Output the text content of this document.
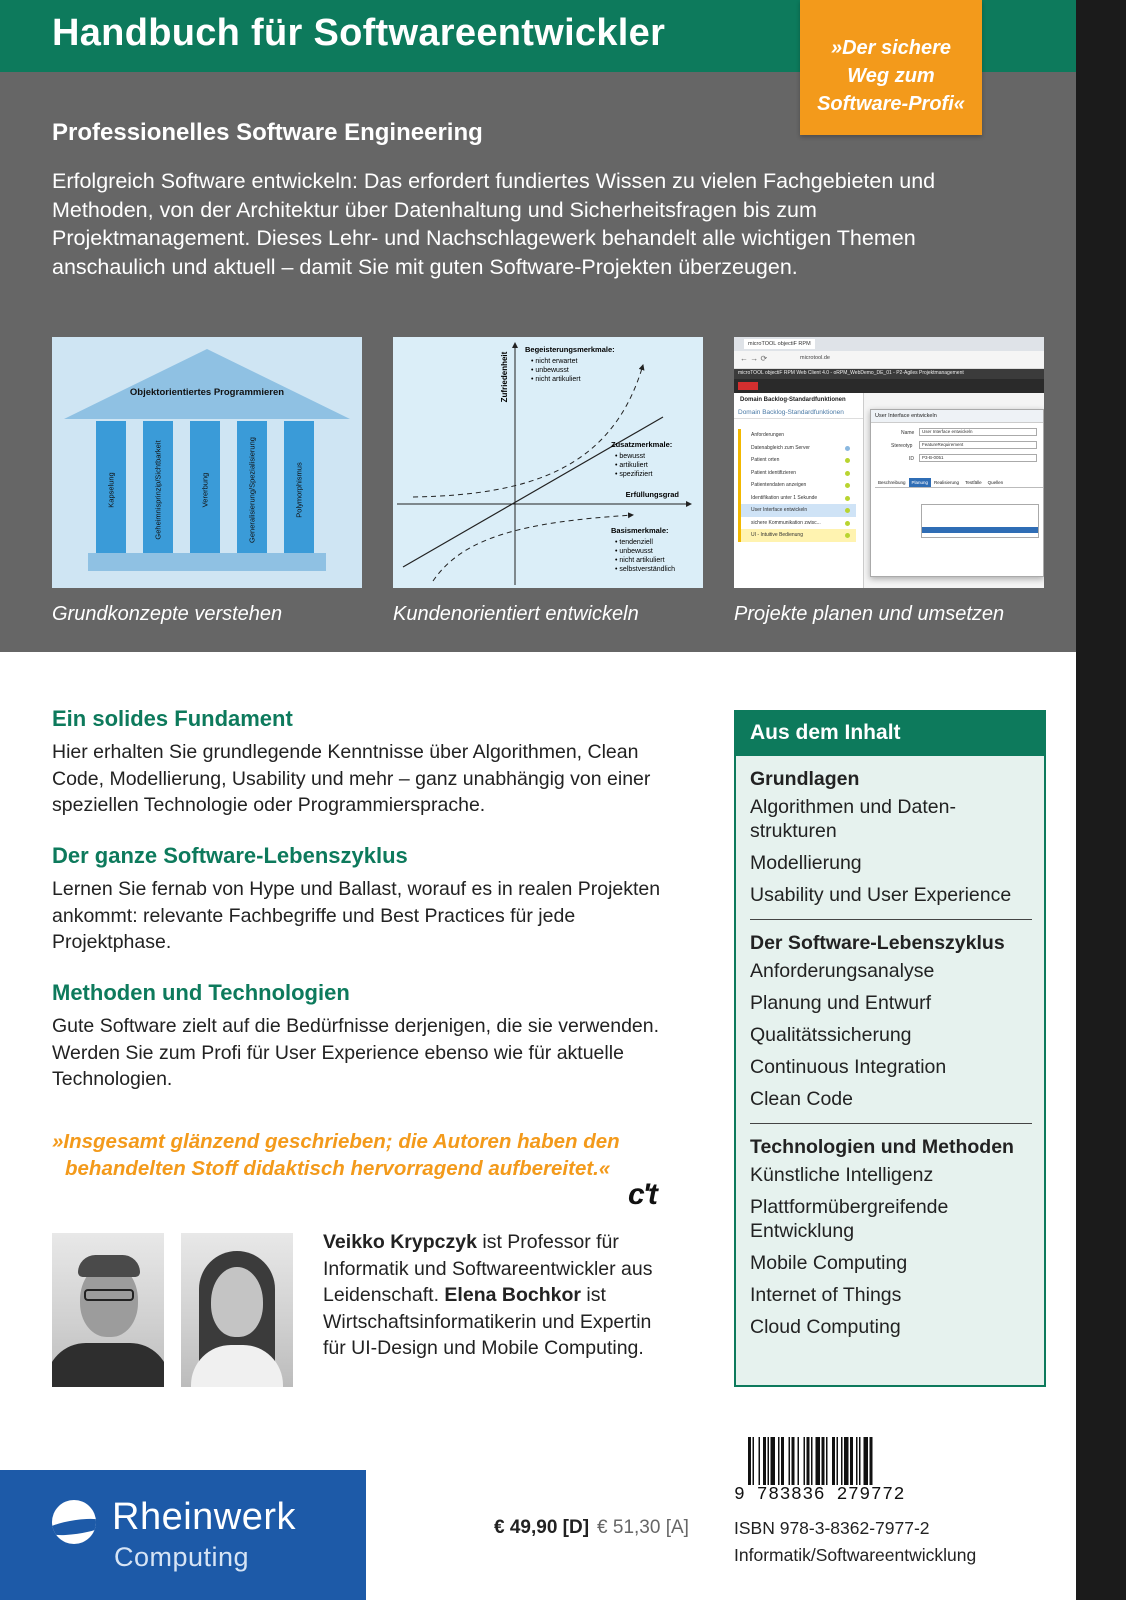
Handbuch für Softwareentwickler	»Der sichere
Weg zum
Software-Profi«
Professionelles Software Engineering
Erfolgreich Software entwickeln: Das erfordert fundiertes Wissen zu vielen Fachgebieten und Methoden, von der Architektur über Datenhaltung und Sicherheitsfragen bis zum Projektmanagement. Dieses Lehr- und Nachschlagewerk behandelt alle wichtigen Themen anschaulich und aktuell – damit Sie mit guten Software-Projekten überzeugen.
Objektorientiertes Programmieren
Kapselung	Geheimnisprinzip/Sichtbarkeit	Vererbung	Generalisierung/Spezialisierung	Polymorphismus
Grundkonzepte verstehen
Zufriedenheit
Erfüllungsgrad
Begeisterungsmerkmale:
• nicht erwartet
• unbewusst
• nicht artikuliert
Zusatzmerkmale:
• bewusst
• artikuliert
• spezifiziert
Basismerkmale:
• tendenziell
• unbewusst
• nicht artikuliert
• selbstverständlich
Kundenorientiert entwickeln
microTOOL objectiF RPM
← → ⟳	microtool.de
microTOOL objectiF RPM Web Client 4.0 - oRPM_WebDemo_DE_01 - P2-Agiles Projektmanagement
Domain Backlog-Standardfunktionen
Domain Backlog-Standardfunktionen
Anforderungen
Datenabgleich zum Server
Patient orten
Patient identifizieren
Patientendaten anzeigen
Identifikation unter 1 Sekunde
User Interface entwickeln
sichere Kommunikation zwisc...
UI - Intuitive Bedienung
User Interface entwickeln
Name	User Interface entwickeln
Stereotyp	FeatureRequirement
ID	P3-B-0051
Beschreibung Planung Realisierung Testfälle Quellen
Projekte planen und umsetzen
Ein solides Fundament
Hier erhalten Sie grundlegende Kenntnisse über Algorithmen, Clean Code, Modellierung, Usability und mehr – ganz unabhängig von einer speziellen Technologie oder Programmiersprache.
Der ganze Software-Lebenszyklus
Lernen Sie fernab von Hype und Ballast, worauf es in realen Projekten ankommt: relevante Fachbegriffe und Best Practices für jede Projektphase.
Methoden und Technologien
Gute Software zielt auf die Bedürfnisse derjenigen, die sie verwenden. Werden Sie zum Profi für User Experience ebenso wie für aktuelle Technologien.
»Insgesamt glänzend geschrieben; die Autoren haben den
behandelten Stoff didaktisch hervorragend aufbereitet.«
c't
Veikko Krypczyk ist Professor für Informatik und Softwareentwickler aus Leidenschaft. Elena Bochkor ist Wirtschaftsinformatikerin und Expertin für UI-Design und Mobile Computing.
Aus dem Inhalt
Grundlagen
Algorithmen und Daten-
strukturen
Modellierung
Usability und User Experience
Der Software-Lebenszyklus
Anforderungsanalyse
Planung und Entwurf
Qualitätssicherung
Continuous Integration
Clean Code
Technologien und Methoden
Künstliche Intelligenz
Plattformübergreifende Entwicklung
Mobile Computing
Internet of Things
Cloud Computing
Rheinwerk
Computing
€ 49,90 [D] € 51,30 [A]
9 783836 279772
ISBN 978-3-8362-7977-2
Informatik/Softwareentwicklung
